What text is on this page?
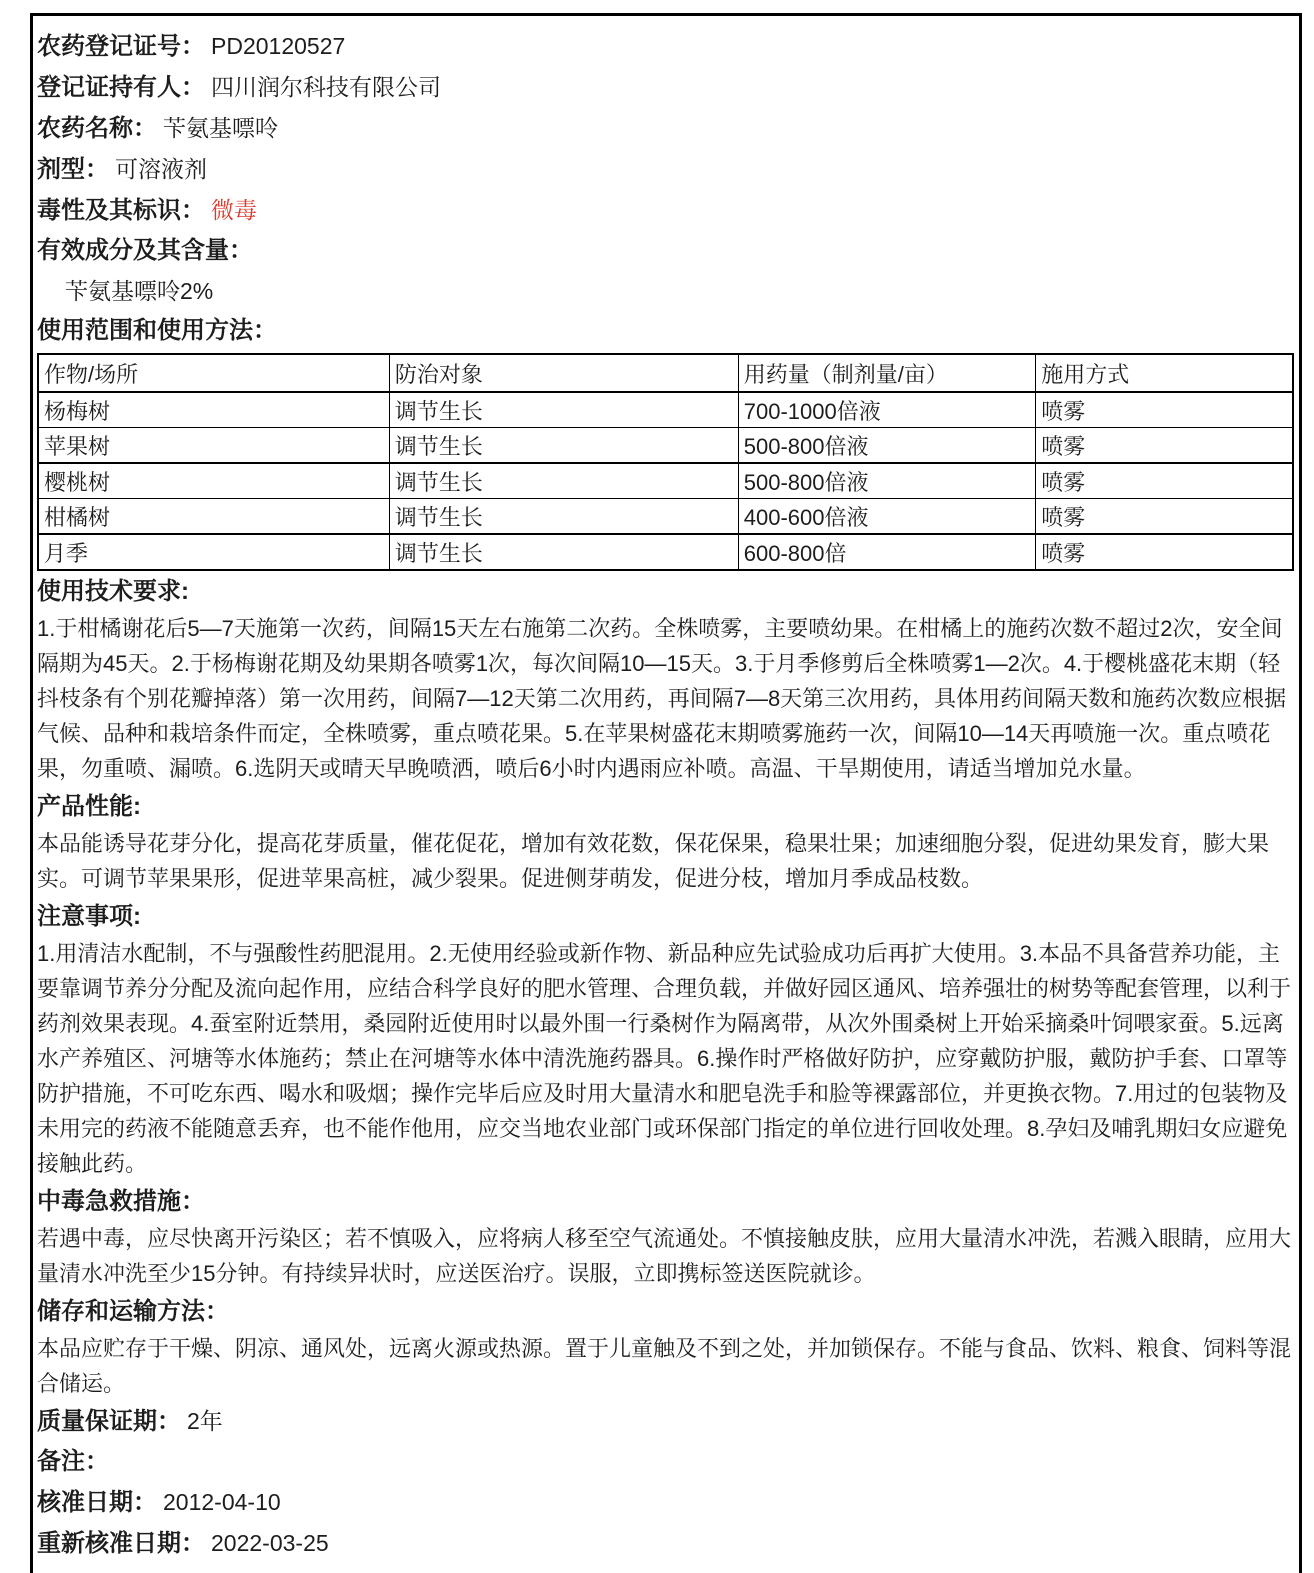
农药登记证号： PD20120527
登记证持有人： 四川润尔科技有限公司
农药名称： 苄氨基嘌呤
剂型： 可溶液剂
毒性及其标识： 微毒
有效成分及其含量：
苄氨基嘌呤2%
使用范围和使用方法：
作物/场所	防治对象	用药量（制剂量/亩）	施用方式
杨梅树	调节生长	700-1000倍液	喷雾
苹果树	调节生长	500-800倍液	喷雾
樱桃树	调节生长	500-800倍液	喷雾
柑橘树	调节生长	400-600倍液	喷雾
月季	调节生长	600-800倍	喷雾
使用技术要求:
1.于柑橘谢花后5—7天施第一次药，间隔15天左右施第二次药。全株喷雾，主要喷幼果。在柑橘上的施药次数不超过2次，安全间隔期为45天。2.于杨梅谢花期及幼果期各喷雾1次，每次间隔10—15天。3.于月季修剪后全株喷雾1—2次。4.于樱桃盛花末期（轻抖枝条有个别花瓣掉落）第一次用药，间隔7—12天第二次用药，再间隔7—8天第三次用药，具体用药间隔天数和施药次数应根据气候、品种和栽培条件而定，全株喷雾，重点喷花果。5.在苹果树盛花末期喷雾施药一次，间隔10—14天再喷施一次。重点喷花果，勿重喷、漏喷。6.选阴天或晴天早晚喷洒，喷后6小时内遇雨应补喷。高温、干旱期使用，请适当增加兑水量。
产品性能:
本品能诱导花芽分化，提高花芽质量，催花促花，增加有效花数，保花保果，稳果壮果；加速细胞分裂，促进幼果发育，膨大果实。可调节苹果果形，促进苹果高桩，减少裂果。促进侧芽萌发，促进分枝，增加月季成品枝数。
注意事项:
1.用清洁水配制，不与强酸性药肥混用。2.无使用经验或新作物、新品种应先试验成功后再扩大使用。3.本品不具备营养功能，主要靠调节养分分配及流向起作用，应结合科学良好的肥水管理、合理负载，并做好园区通风、培养强壮的树势等配套管理，以利于药剂效果表现。4.蚕室附近禁用，桑园附近使用时以最外围一行桑树作为隔离带，从次外围桑树上开始采摘桑叶饲喂家蚕。5.远离水产养殖区、河塘等水体施药；禁止在河塘等水体中清洗施药器具。6.操作时严格做好防护，应穿戴防护服，戴防护手套、口罩等防护措施，不可吃东西、喝水和吸烟；操作完毕后应及时用大量清水和肥皂洗手和脸等裸露部位，并更换衣物。7.用过的包装物及未用完的药液不能随意丢弃，也不能作他用，应交当地农业部门或环保部门指定的单位进行回收处理。8.孕妇及哺乳期妇女应避免接触此药。
中毒急救措施：
若遇中毒，应尽快离开污染区；若不慎吸入，应将病人移至空气流通处。不慎接触皮肤，应用大量清水冲洗，若溅入眼睛，应用大量清水冲洗至少15分钟。有持续异状时，应送医治疗。误服，立即携标签送医院就诊。
储存和运输方法：
本品应贮存于干燥、阴凉、通风处，远离火源或热源。置于儿童触及不到之处，并加锁保存。不能与食品、饮料、粮食、饲料等混合储运。
质量保证期： 2年
备注：
核准日期： 2012-04-10
重新核准日期： 2022-03-25
